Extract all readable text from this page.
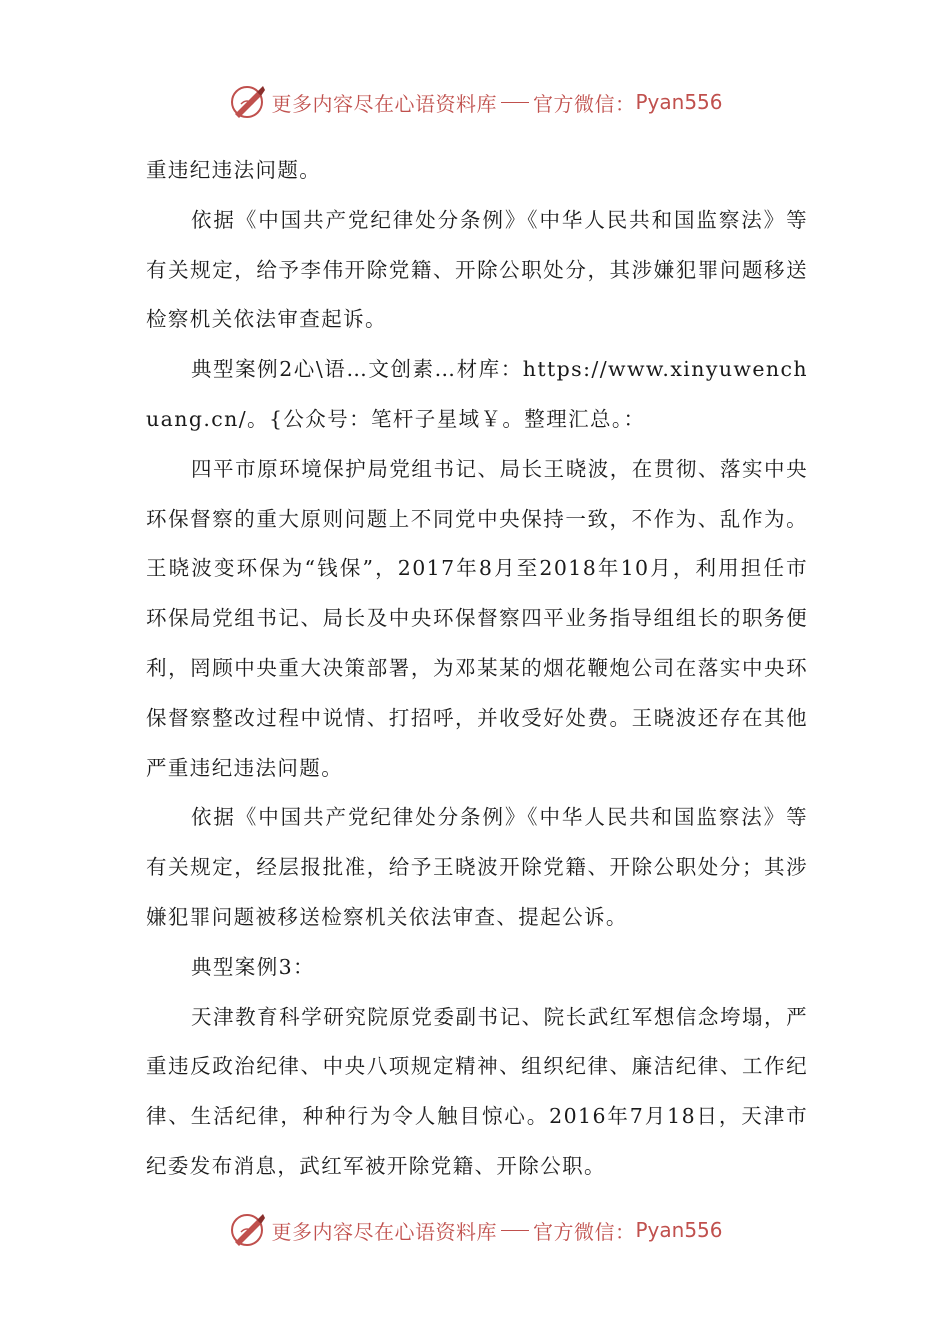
更多内容尽在心语资料库 官方微信： Pyan556

重违纪违法问题。

依据《中国共产党纪律处分条例》《中华人民共和国监察法》等有关规定，给予李伟开除党籍、开除公职处分，其涉嫌犯罪问题移送检察机关依法审查起诉。

典型案例2心\语…文创素…材库：https://www.xinyuwenchuang.cn/。{公众号：笔杆子星域￥。整理汇总。：

四平市原环境保护局党组书记、局长王晓波，在贯彻、落实中央环保督察的重大原则问题上不同党中央保持一致，不作为、乱作为。王晓波变环保为“钱保”，2017年8月至2018年10月，利用担任市环保局党组书记、局长及中央环保督察四平业务指导组组长的职务便利，罔顾中央重大决策部署，为邓某某的烟花鞭炮公司在落实中央环保督察整改过程中说情、打招呼，并收受好处费。王晓波还存在其他严重违纪违法问题。

依据《中国共产党纪律处分条例》《中华人民共和国监察法》等有关规定，经层报批准，给予王晓波开除党籍、开除公职处分；其涉嫌犯罪问题被移送检察机关依法审查、提起公诉。

典型案例3：

天津教育科学研究院原党委副书记、院长武红军想信念垮塌，严重违反政治纪律、中央八项规定精神、组织纪律、廉洁纪律、工作纪律、生活纪律，种种行为令人触目惊心。2016年7月18日，天津市纪委发布消息，武红军被开除党籍、开除公职。

更多内容尽在心语资料库 官方微信： Pyan556
